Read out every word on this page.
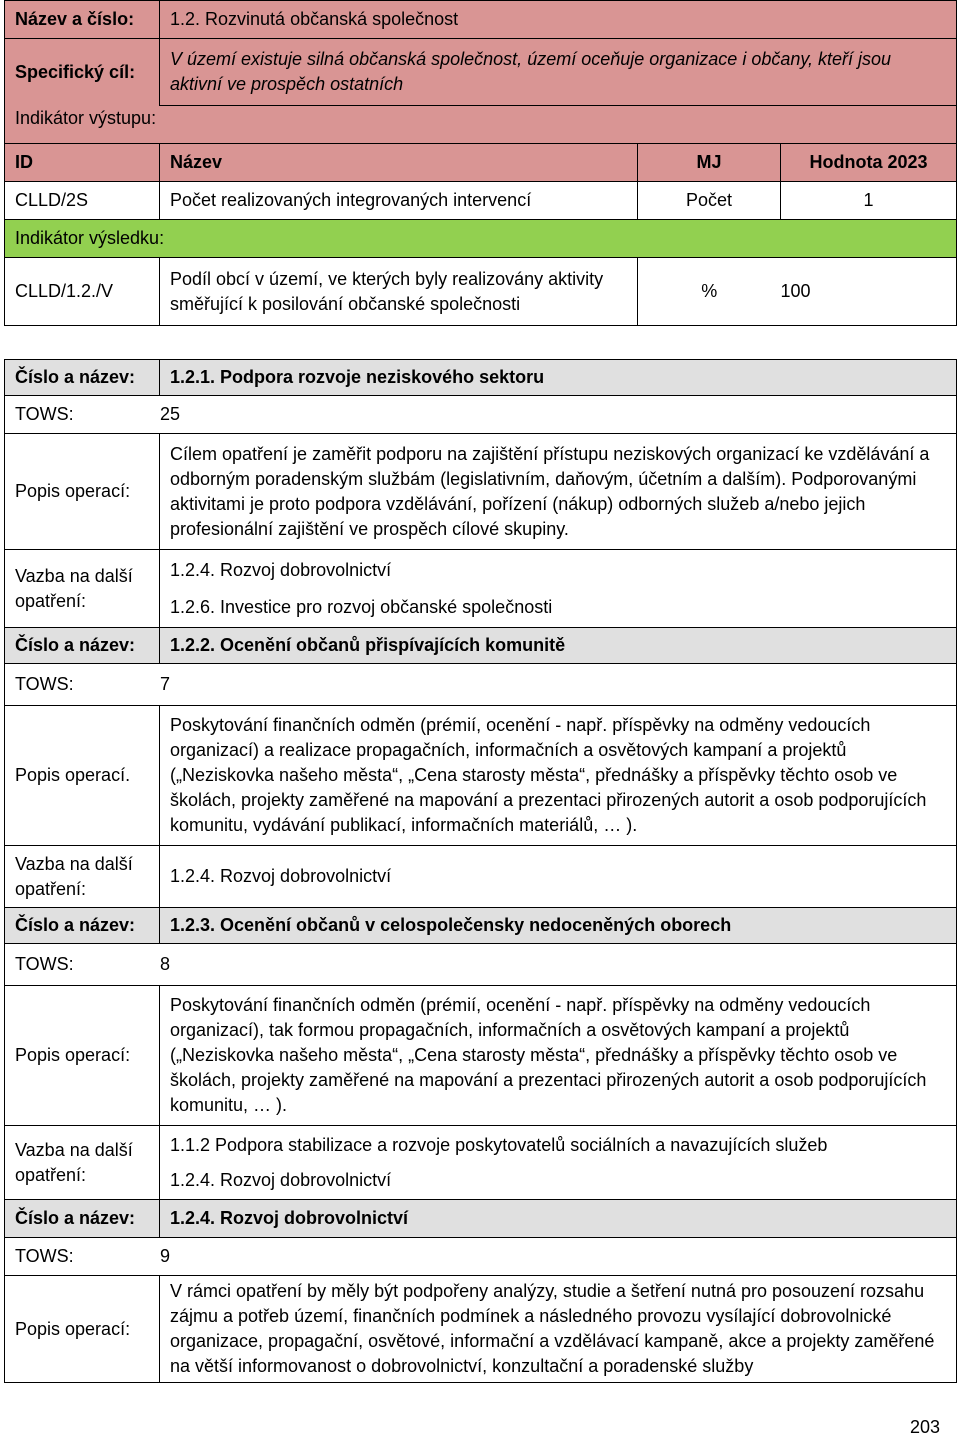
Název a číslo:	1.2. Rozvinutá občanská společnost		
Specifický cíl:	V území existuje silná občanská společnost, území oceňuje organizace i občany, kteří jsou aktivní ve prospěch ostatních		
Indikátor výstupu:			
ID	Název	MJ	Hodnota 2023
CLLD/2S	Počet realizovaných integrovaných intervencí	Počet	1
Indikátor výsledku:			
CLLD/1.2./V	Podíl obcí v území, ve kterých byly realizovány aktivity směřující k posilování občanské společnosti	%	100
Číslo a název:	1.2.1. Podpora rozvoje neziskového sektoru
TOWS: 25	
Popis operací:	Cílem opatření je zaměřit podporu na zajištění přístupu neziskových organizací ke vzdělávání a odborným poradenským službám (legislativním, daňovým, účetním a dalším). Podporovanými aktivitami je proto podpora vzdělávání, pořízení (nákup) odborných služeb a/nebo jejich profesionální zajištění ve prospěch cílové skupiny.
Vazba na další opatření:	1.2.4. Rozvoj dobrovolnictví

1.2.6. Investice pro rozvoj občanské společnosti

Číslo a název:	1.2.2. Ocenění občanů přispívajících komunitě
TOWS: 7	
Popis operací.	Poskytování finančních odměn (prémií, ocenění - např. příspěvky na odměny vedoucích organizací) a realizace propagačních, informačních a osvětových kampaní a projektů („Neziskovka našeho města“, „Cena starosty města“, přednášky a příspěvky těchto osob ve školách, projekty zaměřené na mapování a prezentaci přirozených autorit a osob podporujících komunitu, vydávání publikací, informačních materiálů, … ).
Vazba na další opatření:	1.2.4. Rozvoj dobrovolnictví

Číslo a název:	1.2.3. Ocenění občanů v celospolečensky nedoceněných oborech
TOWS: 8	
Popis operací:	Poskytování finančních odměn (prémií, ocenění - např. příspěvky na odměny vedoucích organizací), tak formou propagačních, informačních a osvětových kampaní a projektů („Neziskovka našeho města“, „Cena starosty města“, přednášky a příspěvky těchto osob ve školách, projekty zaměřené na mapování a prezentaci přirozených autorit a osob podporujících komunitu, … ).
Vazba na další opatření:	1.1.2 Podpora stabilizace a rozvoje poskytovatelů sociálních a navazujících služeb

1.2.4. Rozvoj dobrovolnictví

Číslo a název:	1.2.4. Rozvoj dobrovolnictví
TOWS: 9	
Popis operací:	V rámci opatření by měly být podpořeny analýzy, studie a šetření nutná pro posouzení rozsahu zájmu a potřeb území, finančních podmínek a následného provozu vysílající dobrovolnické organizace, propagační, osvětové, informační a vzdělávací kampaně, akce a projekty zaměřené na větší informovanost o dobrovolnictví, konzultační a poradenské služby
203
